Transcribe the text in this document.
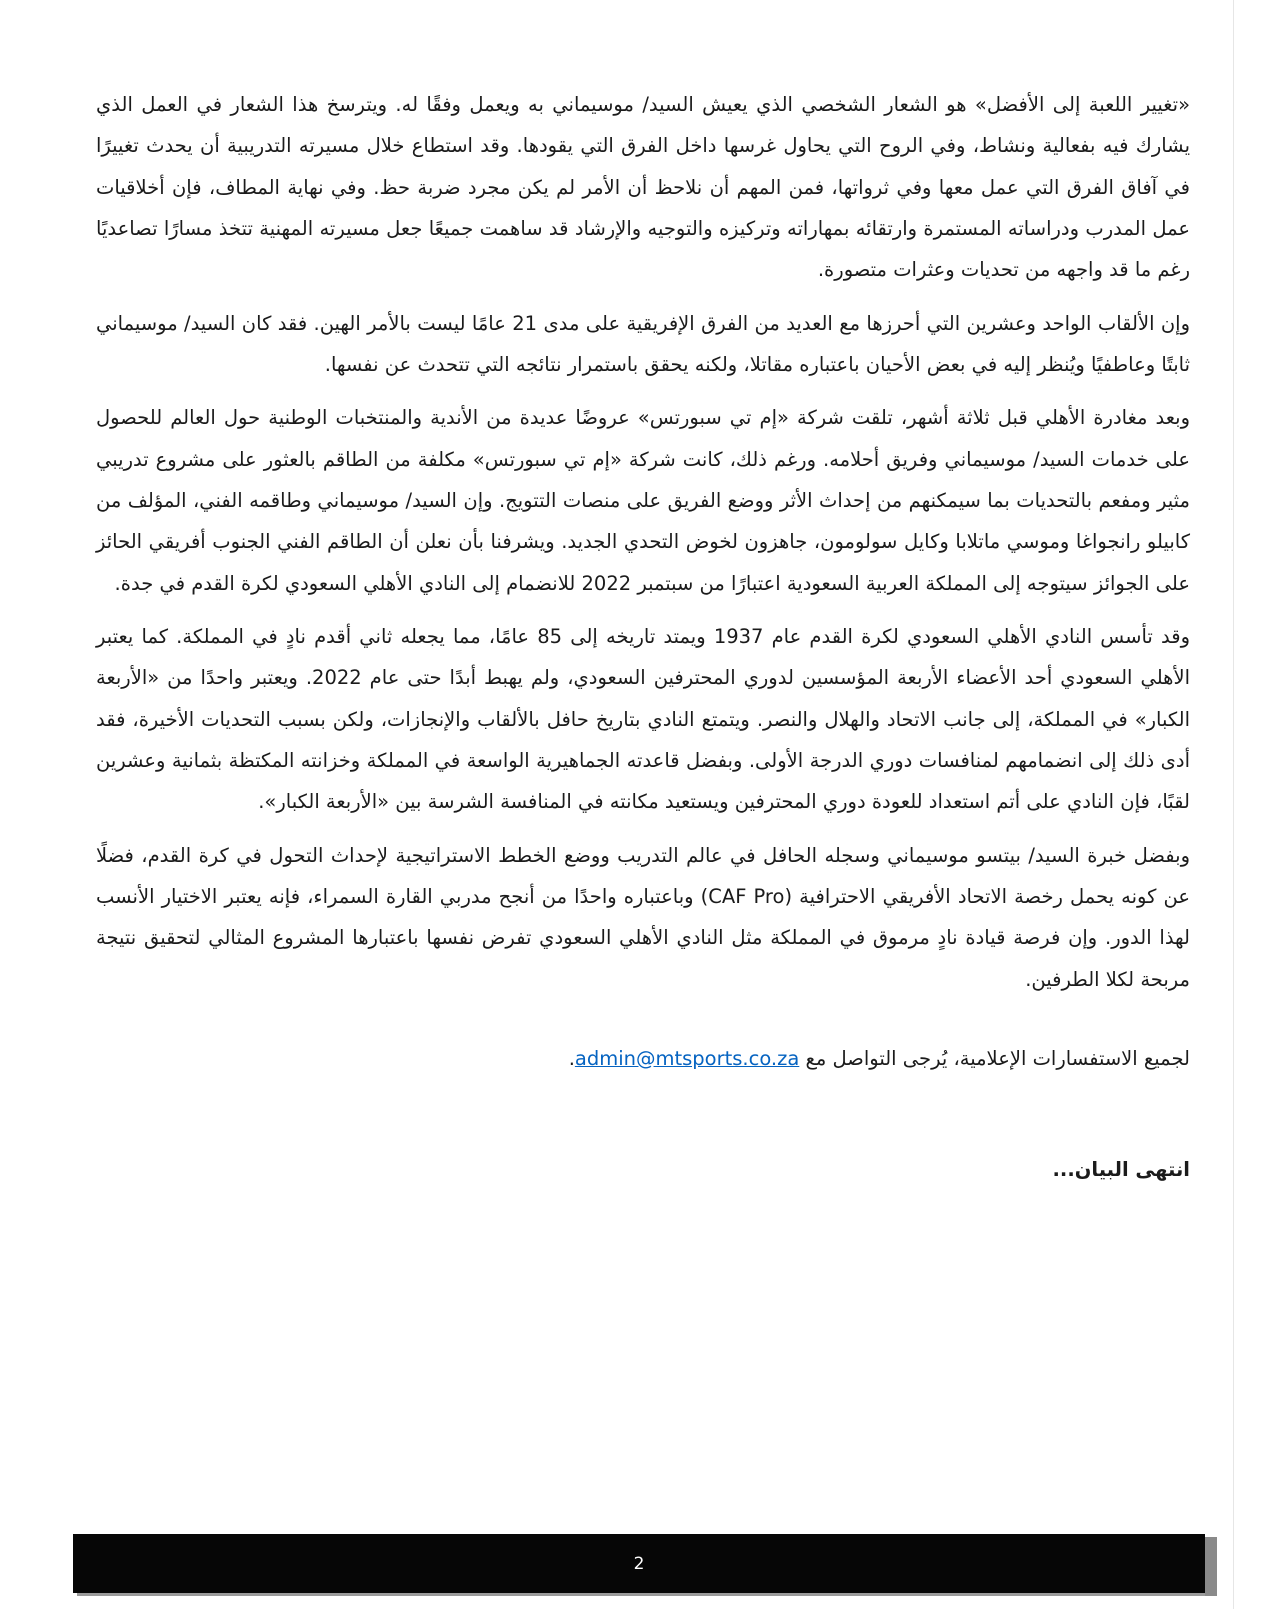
«تغيير اللعبة إلى الأفضل» هو الشعار الشخصي الذي يعيش السيد/ موسيماني به ويعمل وفقًا له. ويترسخ هذا الشعار في العمل الذي يشارك فيه بفعالية ونشاط، وفي الروح التي يحاول غرسها داخل الفرق التي يقودها. وقد استطاع خلال مسيرته التدريبية أن يحدث تغييرًا في آفاق الفرق التي عمل معها وفي ثرواتها، فمن المهم أن نلاحظ أن الأمر لم يكن مجرد ضربة حظ. وفي نهاية المطاف، فإن أخلاقيات عمل المدرب ودراساته المستمرة وارتقائه بمهاراته وتركيزه والتوجيه والإرشاد قد ساهمت جميعًا جعل مسيرته المهنية تتخذ مسارًا تصاعديًا رغم ما قد واجهه من تحديات وعثرات متصورة.

وإن الألقاب الواحد وعشرين التي أحرزها مع العديد من الفرق الإفريقية على مدى 21 عامًا ليست بالأمر الهين. فقد كان السيد/ موسيماني ثابتًا وعاطفيًا ويُنظر إليه في بعض الأحيان باعتباره مقاتلا، ولكنه يحقق باستمرار نتائجه التي تتحدث عن نفسها.

وبعد مغادرة الأهلي قبل ثلاثة أشهر، تلقت شركة «إم تي سبورتس» عروضًا عديدة من الأندية والمنتخبات الوطنية حول العالم للحصول على خدمات السيد/ موسيماني وفريق أحلامه. ورغم ذلك، كانت شركة «إم تي سبورتس» مكلفة من الطاقم بالعثور على مشروع تدريبي مثير ومفعم بالتحديات بما سيمكنهم من إحداث الأثر ووضع الفريق على منصات التتويج. وإن السيد/ موسيماني وطاقمه الفني، المؤلف من كابيلو رانجواغا وموسي ماتلابا وكايل سولومون، جاهزون لخوض التحدي الجديد. ويشرفنا بأن نعلن أن الطاقم الفني الجنوب أفريقي الحائز على الجوائز سيتوجه إلى المملكة العربية السعودية اعتبارًا من سبتمبر 2022 للانضمام إلى النادي الأهلي السعودي لكرة القدم في جدة.

وقد تأسس النادي الأهلي السعودي لكرة القدم عام 1937 ويمتد تاريخه إلى 85 عامًا، مما يجعله ثاني أقدم نادٍ في المملكة. كما يعتبر الأهلي السعودي أحد الأعضاء الأربعة المؤسسين لدوري المحترفين السعودي، ولم يهبط أبدًا حتى عام 2022. ويعتبر واحدًا من «الأربعة الكبار» في المملكة، إلى جانب الاتحاد والهلال والنصر. ويتمتع النادي بتاريخ حافل بالألقاب والإنجازات، ولكن بسبب التحديات الأخيرة، فقد أدى ذلك إلى انضمامهم لمنافسات دوري الدرجة الأولى. وبفضل قاعدته الجماهيرية الواسعة في المملكة وخزانته المكتظة بثمانية وعشرين لقبًا، فإن النادي على أتم استعداد للعودة دوري المحترفين ويستعيد مكانته في المنافسة الشرسة بين «الأربعة الكبار».

وبفضل خبرة السيد/ بيتسو موسيماني وسجله الحافل في عالم التدريب ووضع الخطط الاستراتيجية لإحداث التحول في كرة القدم، فضلًا عن كونه يحمل رخصة الاتحاد الأفريقي الاحترافية (CAF Pro) وباعتباره واحدًا من أنجح مدربي القارة السمراء، فإنه يعتبر الاختيار الأنسب لهذا الدور. وإن فرصة قيادة نادٍ مرموق في المملكة مثل النادي الأهلي السعودي تفرض نفسها باعتبارها المشروع المثالي لتحقيق نتيجة مربحة لكلا الطرفين.

لجميع الاستفسارات الإعلامية، يُرجى التواصل مع admin@mtsports.co.za.

انتهى البيان...

2
